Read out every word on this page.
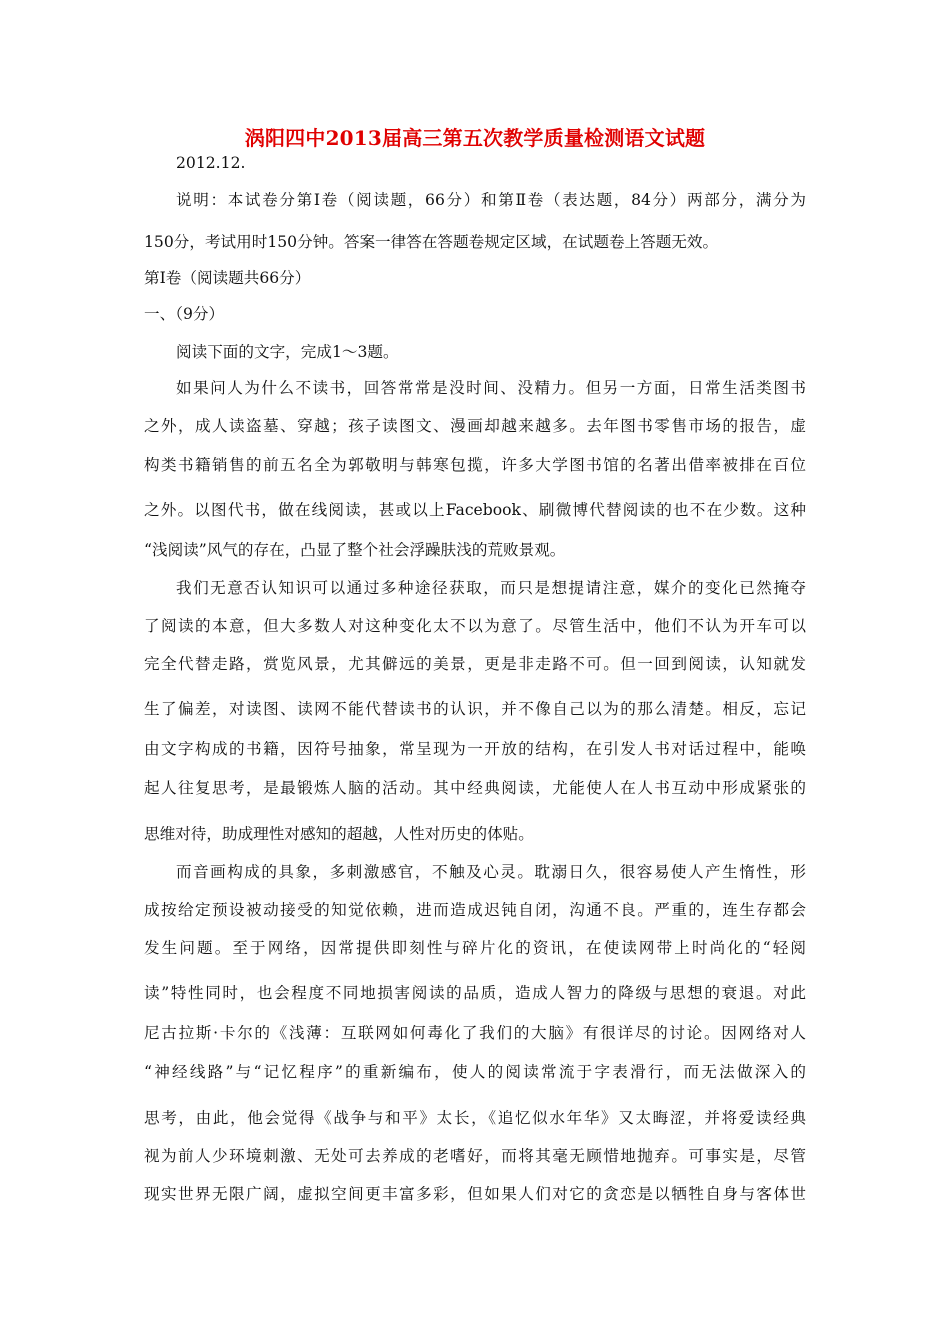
涡阳四中2013届高三第五次教学质量检测语文试题
2012.12.
说明：本试卷分第Ⅰ卷（阅读题，66分）和第Ⅱ卷（表达题，84分）两部分，满分为
150分，考试用时150分钟。答案一律答在答题卷规定区域，在试题卷上答题无效。
第Ⅰ卷（阅读题共66分）
一、（9分）
阅读下面的文字，完成1～3题。
如果问人为什么不读书，回答常常是没时间、没精力。但另一方面，日常生活类图书
之外，成人读盗墓、穿越；孩子读图文、漫画却越来越多。去年图书零售市场的报告，虚
构类书籍销售的前五名全为郭敬明与韩寒包揽，许多大学图书馆的名著出借率被排在百位
之外。以图代书，做在线阅读，甚或以上Facebook、刷微博代替阅读的也不在少数。这种
“浅阅读”风气的存在，凸显了整个社会浮躁肤浅的荒败景观。
我们无意否认知识可以通过多种途径获取，而只是想提请注意，媒介的变化已然掩夺
了阅读的本意，但大多数人对这种变化太不以为意了。尽管生活中，他们不认为开车可以
完全代替走路，赏览风景，尤其僻远的美景，更是非走路不可。但一回到阅读，认知就发
生了偏差，对读图、读网不能代替读书的认识，并不像自己以为的那么清楚。相反，忘记
由文字构成的书籍，因符号抽象，常呈现为一开放的结构，在引发人书对话过程中，能唤
起人往复思考，是最锻炼人脑的活动。其中经典阅读，尤能使人在人书互动中形成紧张的
思维对待，助成理性对感知的超越，人性对历史的体贴。
而音画构成的具象，多刺激感官，不触及心灵。耽溺日久，很容易使人产生惰性，形
成按给定预设被动接受的知觉依赖，进而造成迟钝自闭，沟通不良。严重的，连生存都会
发生问题。至于网络，因常提供即刻性与碎片化的资讯，在使读网带上时尚化的“轻阅
读”特性同时，也会程度不同地损害阅读的品质，造成人智力的降级与思想的衰退。对此
尼古拉斯·卡尔的《浅薄：互联网如何毒化了我们的大脑》有很详尽的讨论。因网络对人
“神经线路”与“记忆程序”的重新编布，使人的阅读常流于字表滑行，而无法做深入的
思考，由此，他会觉得《战争与和平》太长，《追忆似水年华》又太晦涩，并将爱读经典
视为前人少环境刺激、无处可去养成的老嗜好，而将其毫无顾惜地抛弃。可事实是，尽管
现实世界无限广阔，虚拟空间更丰富多彩，但如果人们对它的贪恋是以牺牲自身与客体世
